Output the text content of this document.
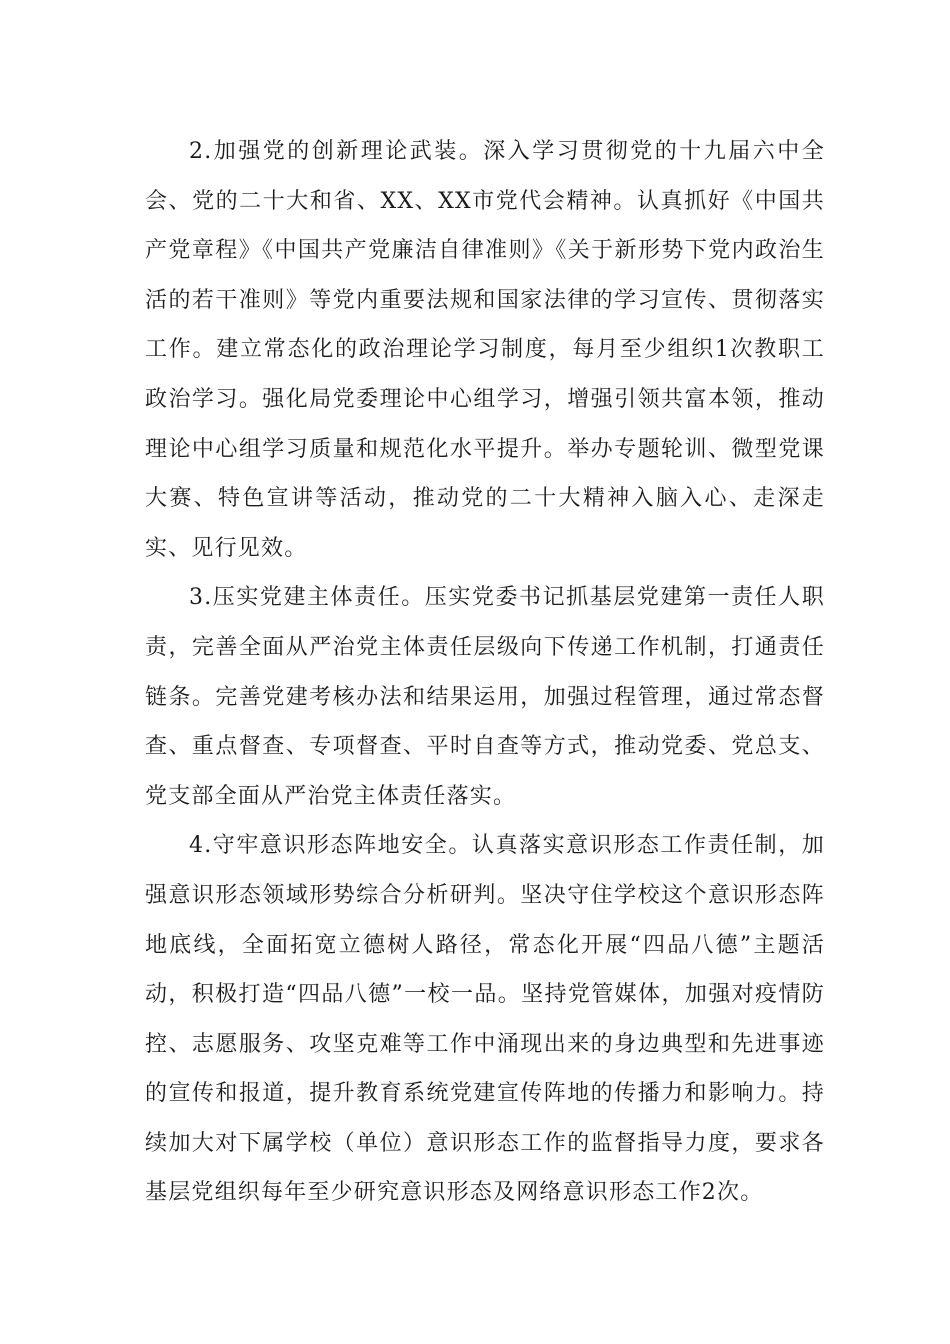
2.加强党的创新理论武装。深入学习贯彻党的十九届六中全会、党的二十大和省、XX、XX市党代会精神。认真抓好《中国共产党章程》《中国共产党廉洁自律准则》《关于新形势下党内政治生活的若干准则》等党内重要法规和国家法律的学习宣传、贯彻落实工作。建立常态化的政治理论学习制度，每月至少组织1次教职工政治学习。强化局党委理论中心组学习，增强引领共富本领，推动理论中心组学习质量和规范化水平提升。举办专题轮训、微型党课大赛、特色宣讲等活动，推动党的二十大精神入脑入心、走深走实、见行见效。

3.压实党建主体责任。压实党委书记抓基层党建第一责任人职责，完善全面从严治党主体责任层级向下传递工作机制，打通责任链条。完善党建考核办法和结果运用，加强过程管理，通过常态督查、重点督查、专项督查、平时自查等方式，推动党委、党总支、党支部全面从严治党主体责任落实。

4.守牢意识形态阵地安全。认真落实意识形态工作责任制，加强意识形态领域形势综合分析研判。坚决守住学校这个意识形态阵地底线，全面拓宽立德树人路径，常态化开展“四品八德”主题活动，积极打造“四品八德”一校一品。坚持党管媒体，加强对疫情防控、志愿服务、攻坚克难等工作中涌现出来的身边典型和先进事迹的宣传和报道，提升教育系统党建宣传阵地的传播力和影响力。持续加大对下属学校（单位）意识形态工作的监督指导力度，要求各基层党组织每年至少研究意识形态及网络意识形态工作2次。
